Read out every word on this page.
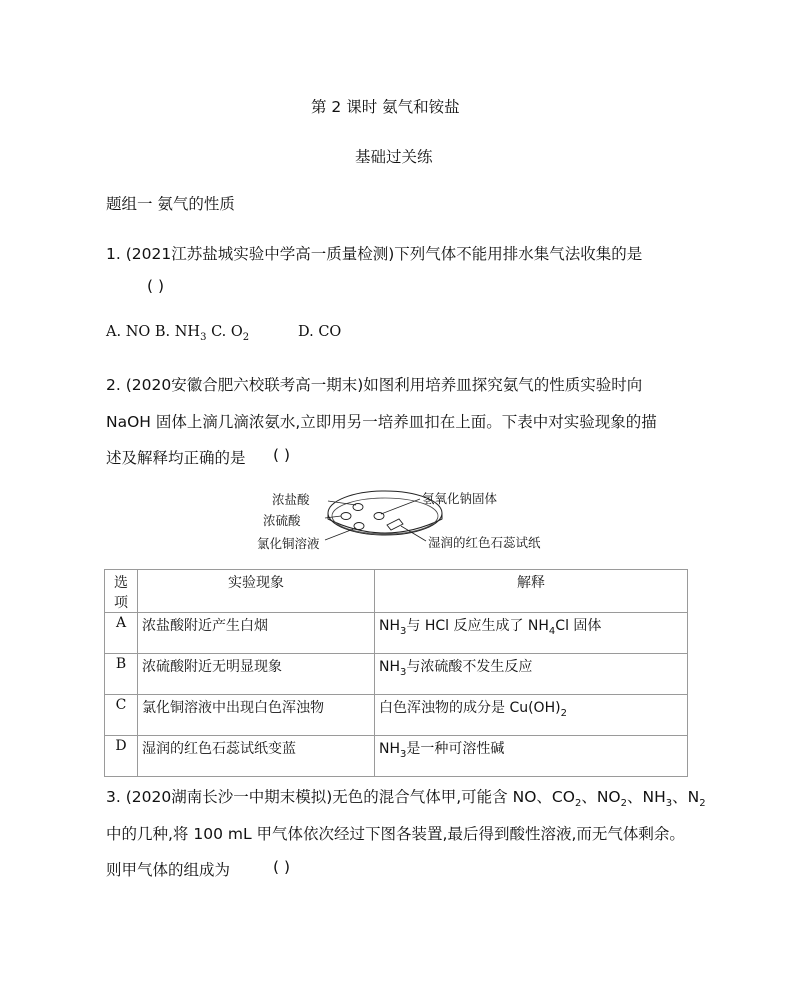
第 2 课时 氨气和铵盐
基础过关练
题组一 氨气的性质
1. (2021江苏盐城实验中学高一质量检测)下列气体不能用排水集气法收集的是
( )
A. NO B. $NH_3$ C. $O_2$	D. CO
2. (2020安徽合肥六校联考高一期末)如图利用培养皿探究氨气的性质实验时向
NaOH 固体上滴几滴浓氨水,立即用另一培养皿扣在上面。下表中对实验现象的描
述及解释均正确的是 ( )
浓盐酸
浓硫酸
氯化铜溶液
氢氧化钠固体
湿润的红色石蕊试纸
选项	实验现象	解释
A	浓盐酸附近产生白烟	$NH_3$与 HCl 反应生成了 $NH_4Cl$ 固体
B	浓硫酸附近无明显现象	$NH_3$与浓硫酸不发生反应
C	氯化铜溶液中出现白色浑浊物	白色浑浊物的成分是 $Cu(OH)_2$
D	湿润的红色石蕊试纸变蓝	$NH_3$是一种可溶性碱
3. (2020湖南长沙一中期末模拟)无色的混合气体甲,可能含 NO、$CO_2$、$NO_2$、$NH_3$、$N_2$
中的几种,将 100 mL 甲气体依次经过下图各装置,最后得到酸性溶液,而无气体剩余。
则甲气体的组成为	( )
